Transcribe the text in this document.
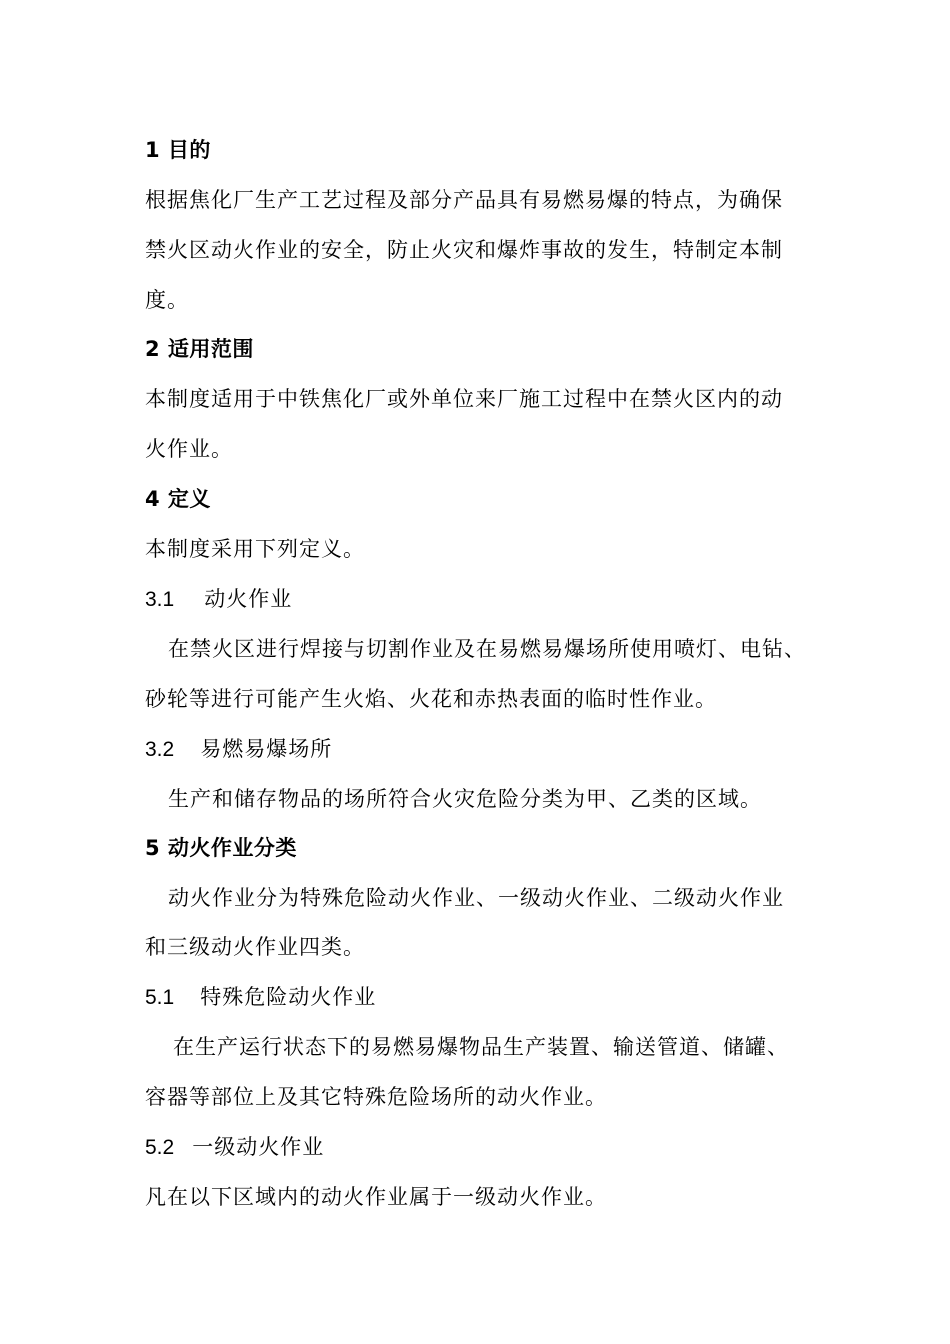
1 目的
根据焦化厂生产工艺过程及部分产品具有易燃易爆的特点，为确保
禁火区动火作业的安全，防止火灾和爆炸事故的发生，特制定本制
度。
2 适用范围
本制度适用于中铁焦化厂或外单位来厂施工过程中在禁火区内的动
火作业。
4 定义
本制度采用下列定义。
3.1 动火作业
在禁火区进行焊接与切割作业及在易燃易爆场所使用喷灯、电钻、
砂轮等进行可能产生火焰、火花和赤热表面的临时性作业。
3.2 易燃易爆场所
生产和储存物品的场所符合火灾危险分类为甲、乙类的区域。
5 动火作业分类
动火作业分为特殊危险动火作业、一级动火作业、二级动火作业
和三级动火作业四类。
5.1 特殊危险动火作业
在生产运行状态下的易燃易爆物品生产装置、输送管道、储罐、
容器等部位上及其它特殊危险场所的动火作业。
5.2 一级动火作业
凡在以下区域内的动火作业属于一级动火作业。
